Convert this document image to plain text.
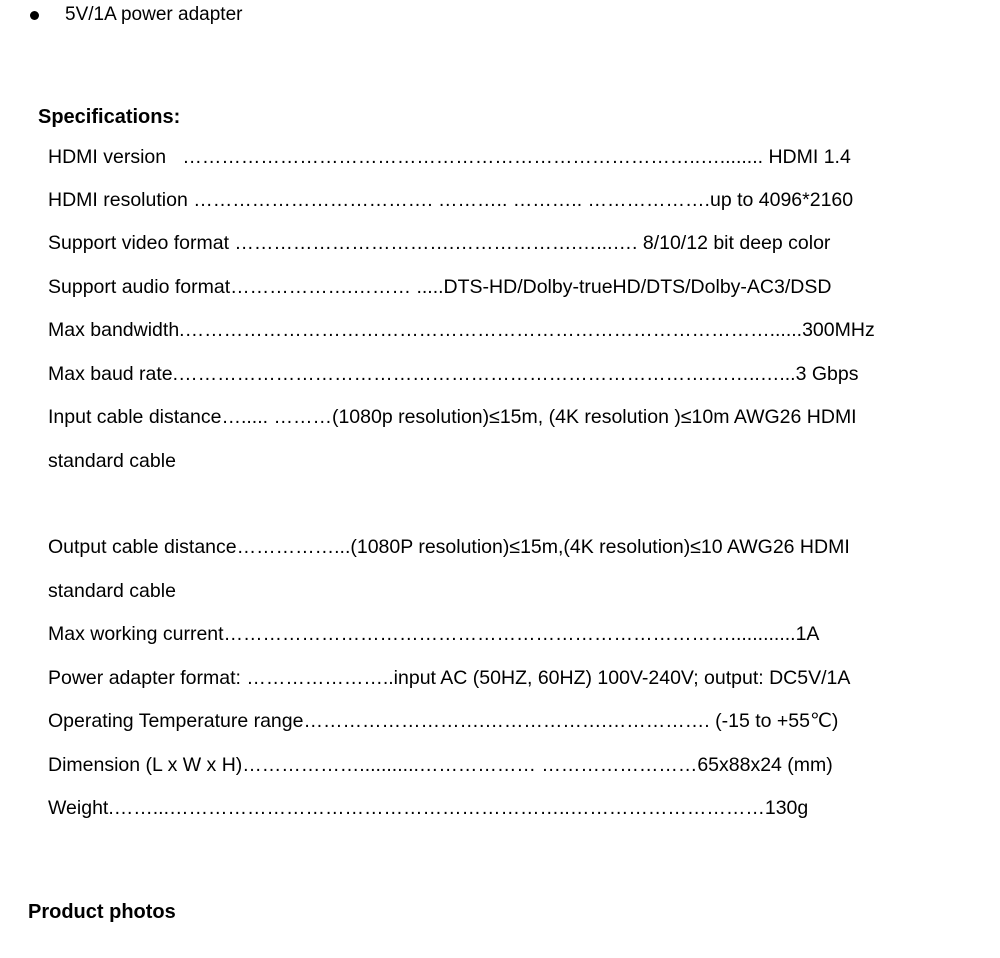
5V/1A power adapter
Specifications:
HDMI version   ……………………………………………………………………..…........ HDMI 1.4
HDMI resolution ………………………………. ……….. ……….. ……………….up to 4096*2160
Support video format …………………………….……………….…...…. 8/10/12 bit deep color
Support audio format……………….……… .....DTS-HD/Dolby-trueHD/DTS/Dolby-AC3/DSD
Max bandwidth.………………………………………………………………………………......300MHz
Max baud rate.……………………………………………………………………….……..…...3 Gbps
Input cable distance…..... ………(1080p resolution)≤15m, (4K resolution )≤10m AWG26 HDMI
standard cable
Output cable distance……………...(1080P resolution)≤15m,(4K resolution)≤10 AWG26 HDMI
standard cable
Max working current……………………………………………………………………............1A
Power adapter format: …………………..input AC (50HZ, 60HZ) 100V-240V; output: DC5V/1A
Operating Temperature range……………………….……………….……………. (-15 to +55℃)
Dimension (L x W x H)………………...........……………… ……………………65x88x24 (mm)
Weight.……...……………………………………………………..…………………………130g
Product photos
